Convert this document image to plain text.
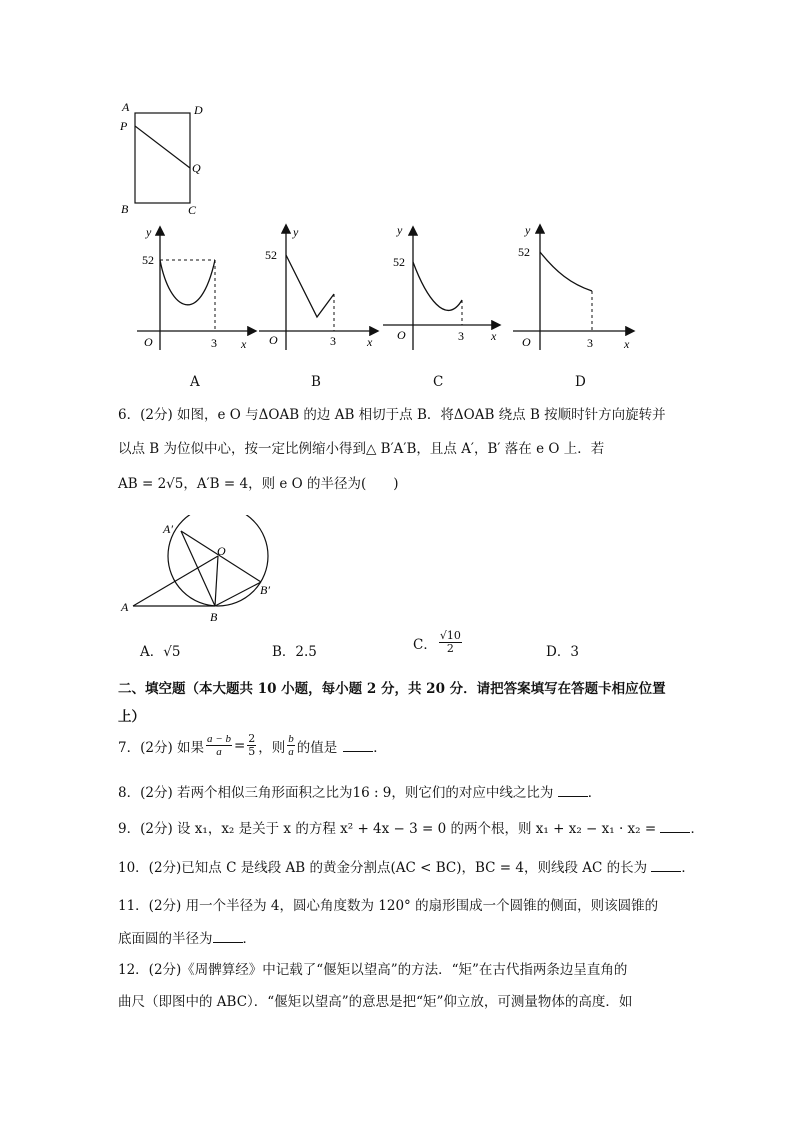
A	D
P
Q
B	C
y
52
O	3 x
A
y
52
O	3	x
B
y
52
O	3 x
C
y
52
O	3	x
D
6．(2分) 如图，e O 与ΔOAB 的边 AB 相切于点 B．将ΔOAB 绕点 B 按顺时针方向旋转并
以点 B 为位似中心，按一定比例缩小得到△ B′A′B，且点 A′，B′ 落在 e O 上．若
AB = 2√5，A′B = 4，则 e O 的半径为(　　)
A′
O
B′
A
B
A．√5	B．2.5	C． $\frac{√10}{2}$	D．3
二、填空题（本大题共 10 小题，每小题 2 分，共 20 分．请把答案填写在答题卡相应位置
上）
7．(2分) 如果 $\frac{a - b}{a} = \frac{2}{5}$ ，则 $\frac{b}{a}$ 的值是	．
8．(2分) 若两个相似三角形面积之比为16 : 9，则它们的对应中线之比为	．
9．(2分) 设 x₁，x₂ 是关于 x 的方程 x² + 4x − 3 = 0 的两个根，则 x₁ + x₂ − x₁ · x₂ =	．
10．(2分)已知点 C 是线段 AB 的黄金分割点(AC < BC)，BC = 4，则线段 AC 的长为	．
11．(2分) 用一个半径为 4，圆心角度数为 120° 的扇形围成一个圆锥的侧面，则该圆锥的
底面圆的半径为 ．
12．(2分)《周髀算经》中记载了“偃矩以望高”的方法．“矩”在古代指两条边呈直角的
曲尺（即图中的 ABC）．“偃矩以望高”的意思是把“矩”仰立放，可测量物体的高度．如
